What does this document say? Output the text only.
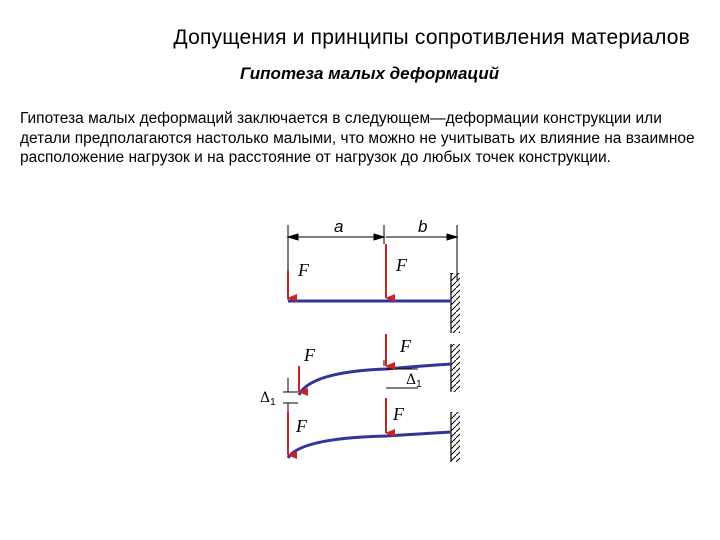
Допущения и принципы сопротивления материалов
Гипотеза малых деформаций
Гипотеза малых деформаций заключается в следующем—деформации конструкции или детали предполагаются настолько малыми, что можно не учитывать их влияние на взаимное расположение нагрузок и на расстояние от нагрузок до любых точек конструкции.
a	b
Δ1
Δ1
F	F
F	F
F
F
